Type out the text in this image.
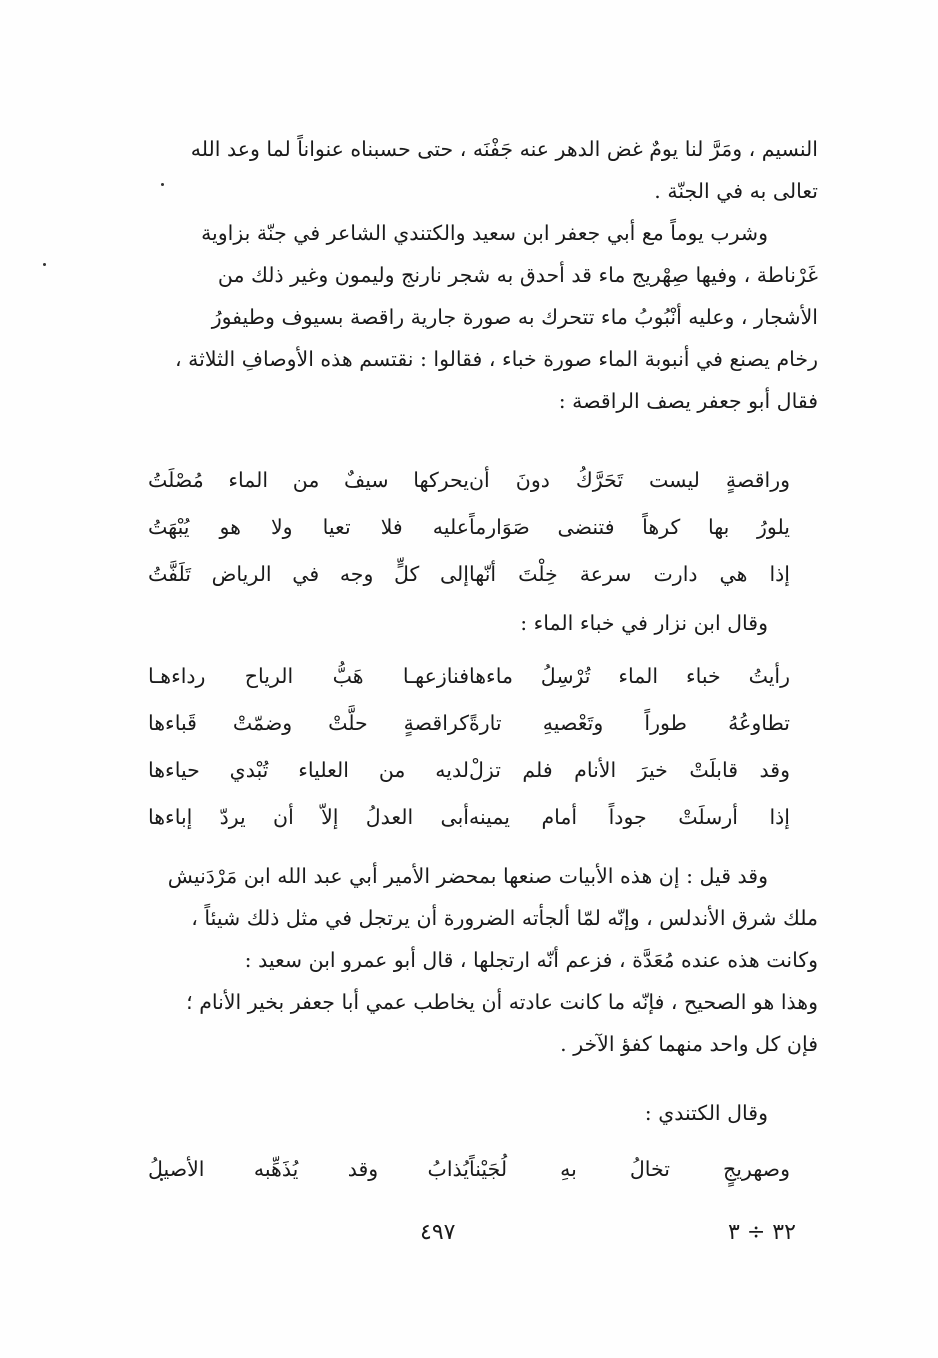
النسيم ، ومَرَّ لنا يومٌ غض الدهر عنه جَفْنَه ، حتى حسبناه عنواناً لما وعد الله
تعالى به في الجنّة .

وشرب يوماً مع أبي جعفر ابن سعيد والكتندي الشاعر في جنّة بزاوية
غَرْناطة ، وفيها صِهْريج ماء قد أحدق به شجر نارنج وليمون وغير ذلك من
الأشجار ، وعليه أنْبُوبُ ماء تتحرك به صورة جارية راقصة بسيوف وطيفورُ
رخام يصنع في أنبوبة الماء صورة خباء ، فقالوا : نقتسم هذه الأوصافِ الثلاثة ،
فقال أبو جعفر يصف الراقصة :

وراقصةٍ ليست تَحَرَّكُ دونَ أن
يحركها سيفٌ من الماء مُصْلَتُ
يلورُ بها كرهاً فتنضى صَوَارماً
عليه فلا تعيا ولا هو يُبْهَتُ
إذا هي دارت سرعة خِلْتَ أنّها
إلى كلٍّ وجه في الرياض تَلَفَّتُ

وقال ابن نزار في خباء الماء :

رأيتُ خباء الماء تُرْسِلُ ماءها
فنازعهـا هَبُّ الرياح رداءهـا
تطاوعُهُ طوراً وتَعْصيهِ تارةً
كراقصةٍ حلَّتْ وضمّتْ قَباءها
وقد قابلَتْ خيرَ الأنام فلم تزلْ
لديه من العلياء تُبْدي حياءها
إذا أرسلَتْ جوداً أمام يمينه
أبى العدلُ إلاّ أن يردّ إباءها

وقد قيل : إن هذه الأبيات صنعها بمحضر الأمير أبي عبد الله ابن مَرْدَنيش
ملك شرق الأندلس ، وإنّه لمّا ألجأته الضرورة أن يرتجل في مثل ذلك شيئاً ،
وكانت هذه عنده مُعَدَّة ، فزعم أنّه ارتجلها ، قال أبو عمرو ابن سعيد :
وهذا هو الصحيح ، فإنّه ما كانت عادته أن يخاطب عمي أبا جعفر بخير الأنام ؛
فإن كل واحد منهما كفؤ الآخر .

وقال الكتندي :

وصهريجٍ تخالُ بهِ لُجَيْناً
يُذابُ وقد يُذَهِّبه الأصيلُ
٤٩٧	٣٢ ÷ ٣
